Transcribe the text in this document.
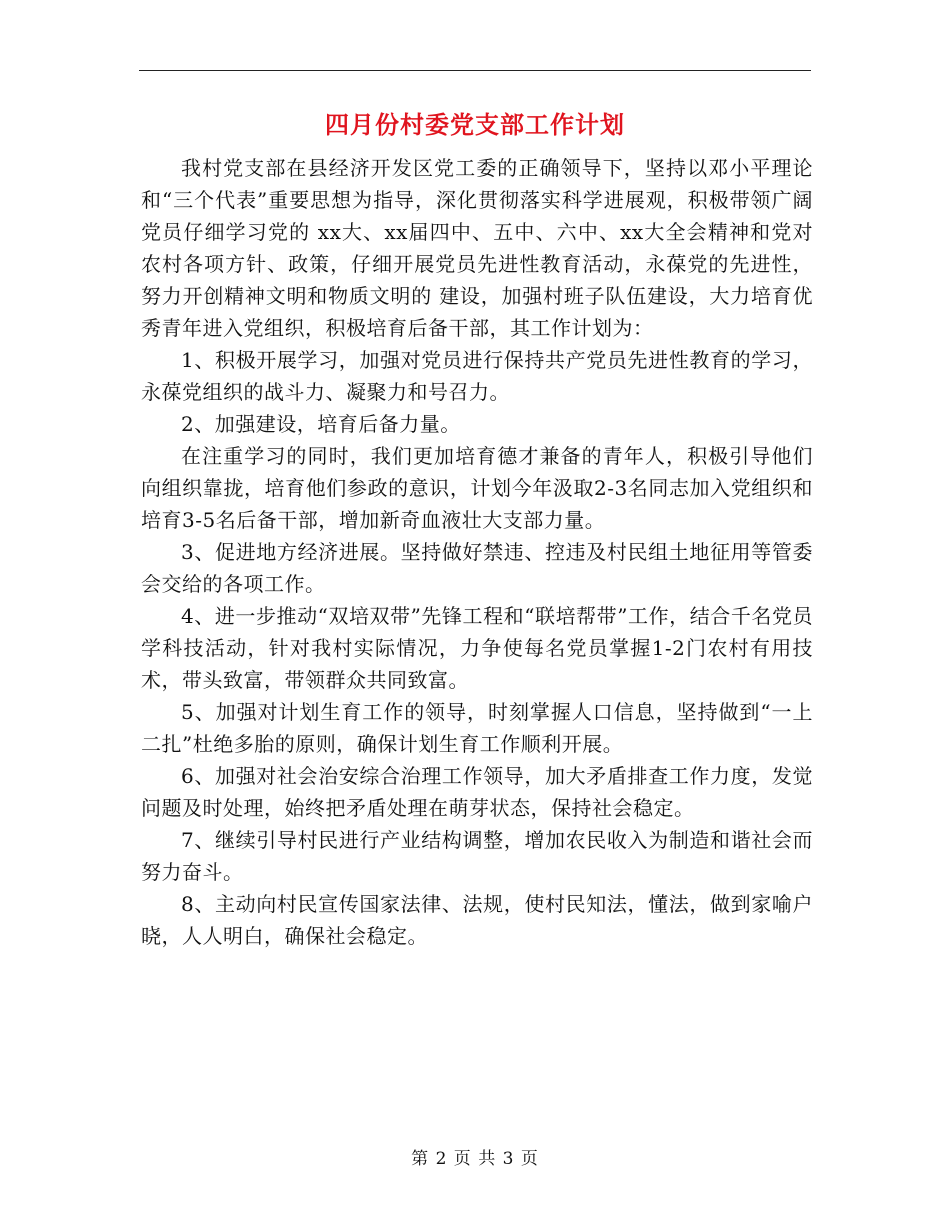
四月份村委党支部工作计划

我村党支部在县经济开发区党工委的正确领导下，坚持以邓小平理论和“三个代表”重要思想为指导，深化贯彻落实科学进展观，积极带领广阔党员仔细学习党的 xx大、xx届四中、五中、六中、xx大全会精神和党对农村各项方针、政策，仔细开展党员先进性教育活动，永葆党的先进性，努力开创精神文明和物质文明的 建设，加强村班子队伍建设，大力培育优秀青年进入党组织，积极培育后备干部，其工作计划为：

1、积极开展学习，加强对党员进行保持共产党员先进性教育的学习，永葆党组织的战斗力、凝聚力和号召力。

2、加强建设，培育后备力量。

在注重学习的同时，我们更加培育德才兼备的青年人，积极引导他们向组织靠拢，培育他们参政的意识，计划今年汲取2-3名同志加入党组织和培育3-5名后备干部，增加新奇血液壮大支部力量。

3、促进地方经济进展。坚持做好禁违、控违及村民组土地征用等管委会交给的各项工作。

4、进一步推动“双培双带”先锋工程和“联培帮带”工作，结合千名党员学科技活动，针对我村实际情况，力争使每名党员掌握1-2门农村有用技术，带头致富，带领群众共同致富。

5、加强对计划生育工作的领导，时刻掌握人口信息，坚持做到“一上二扎”杜绝多胎的原则，确保计划生育工作顺利开展。

6、加强对社会治安综合治理工作领导，加大矛盾排查工作力度，发觉问题及时处理，始终把矛盾处理在萌芽状态，保持社会稳定。

7、继续引导村民进行产业结构调整，增加农民收入为制造和谐社会而努力奋斗。

8、主动向村民宣传国家法律、法规，使村民知法，懂法，做到家喻户晓，人人明白，确保社会稳定。

第 2 页 共 3 页
